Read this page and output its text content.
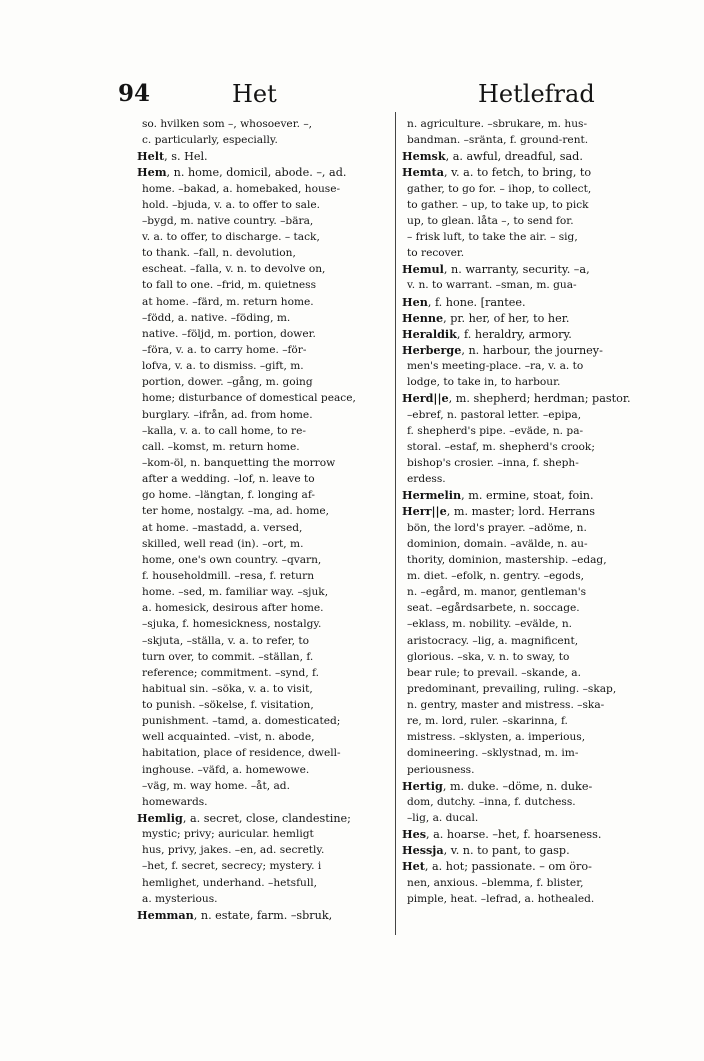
94	Het	Hetlefrad
so. hvilken som –, whosoever. –,
c. particularly, especially.
Helt, s. Hel.
Hem, n. home, domicil, abode. –, ad.
home. –bakad, a. homebaked, house-
hold. –bjuda, v. a. to offer to sale.
–bygd, m. native country. –bära,
v. a. to offer, to discharge. – tack,
to thank. –fall, n. devolution,
escheat. –falla, v. n. to devolve on,
to fall to one. –frid, m. quietness
at home. –färd, m. return home.
–född, a. native. –föding, m.
native. –följd, m. portion, dower.
–föra, v. a. to carry home. –för-
lofva, v. a. to dismiss. –gift, m.
portion, dower. –gång, m. going
home; disturbance of domestical peace,
burglary. –ifrån, ad. from home.
–kalla, v. a. to call home, to re-
call. –komst, m. return home.
–kom-öl, n. banquetting the morrow
after a wedding. –lof, n. leave to
go home. –längtan, f. longing af-
ter home, nostalgy. –ma, ad. home,
at home. –mastadd, a. versed,
skilled, well read (in). –ort, m.
home, one's own country. –qvarn,
f. householdmill. –resa, f. return
home. –sed, m. familiar way. –sjuk,
a. homesick, desirous after home.
–sjuka, f. homesickness, nostalgy.
–skjuta, –ställa, v. a. to refer, to
turn over, to commit. –ställan, f.
reference; commitment. –synd, f.
habitual sin. –söka, v. a. to visit,
to punish. –sökelse, f. visitation,
punishment. –tamd, a. domesticated;
well acquainted. –vist, n. abode,
habitation, place of residence, dwell-
inghouse. –väfd, a. homewowe.
–väg, m. way home. –åt, ad.
homewards.
Hemlig, a. secret, close, clandestine;
mystic; privy; auricular. hemligt
hus, privy, jakes. –en, ad. secretly.
–het, f. secret, secrecy; mystery. i
hemlighet, underhand. –hetsfull,
a. mysterious.
Hemman, n. estate, farm. –sbruk,
n. agriculture. –sbrukare, m. hus-
bandman. –sränta, f. ground-rent.
Hemsk, a. awful, dreadful, sad.
Hemta, v. a. to fetch, to bring, to
gather, to go for. – ihop, to collect,
to gather. – up, to take up, to pick
up, to glean. låta –, to send for.
– frisk luft, to take the air. – sig,
to recover.
Hemul, n. warranty, security. –a,
v. n. to warrant. –sman, m. gua-
Hen, f. hone. [rantee.
Henne, pr. her, of her, to her.
Heraldik, f. heraldry, armory.
Herberge, n. harbour, the journey-
men's meeting-place. –ra, v. a. to
lodge, to take in, to harbour.
Herd||e, m. shepherd; herdman; pastor.
–ebref, n. pastoral letter. –epipa,
f. shepherd's pipe. –eväde, n. pa-
storal. –estaf, m. shepherd's crook;
bishop's crosier. –inna, f. sheph-
erdess.
Hermelin, m. ermine, stoat, foin.
Herr||e, m. master; lord. Herrans
bön, the lord's prayer. –adöme, n.
dominion, domain. –avälde, n. au-
thority, dominion, mastership. –edag,
m. diet. –efolk, n. gentry. –egods,
n. –egård, m. manor, gentleman's
seat. –egårdsarbete, n. soccage.
–eklass, m. nobility. –evälde, n.
aristocracy. –lig, a. magnificent,
glorious. –ska, v. n. to sway, to
bear rule; to prevail. –skande, a.
predominant, prevailing, ruling. –skap,
n. gentry, master and mistress. –ska-
re, m. lord, ruler. –skarinna, f.
mistress. –sklysten, a. imperious,
domineering. –sklystnad, m. im-
periousness.
Hertig, m. duke. –döme, n. duke-
dom, dutchy. –inna, f. dutchess.
–lig, a. ducal.
Hes, a. hoarse. –het, f. hoarseness.
Hessja, v. n. to pant, to gasp.
Het, a. hot; passionate. – om öro-
nen, anxious. –blemma, f. blister,
pimple, heat. –lefrad, a. hothealed.
